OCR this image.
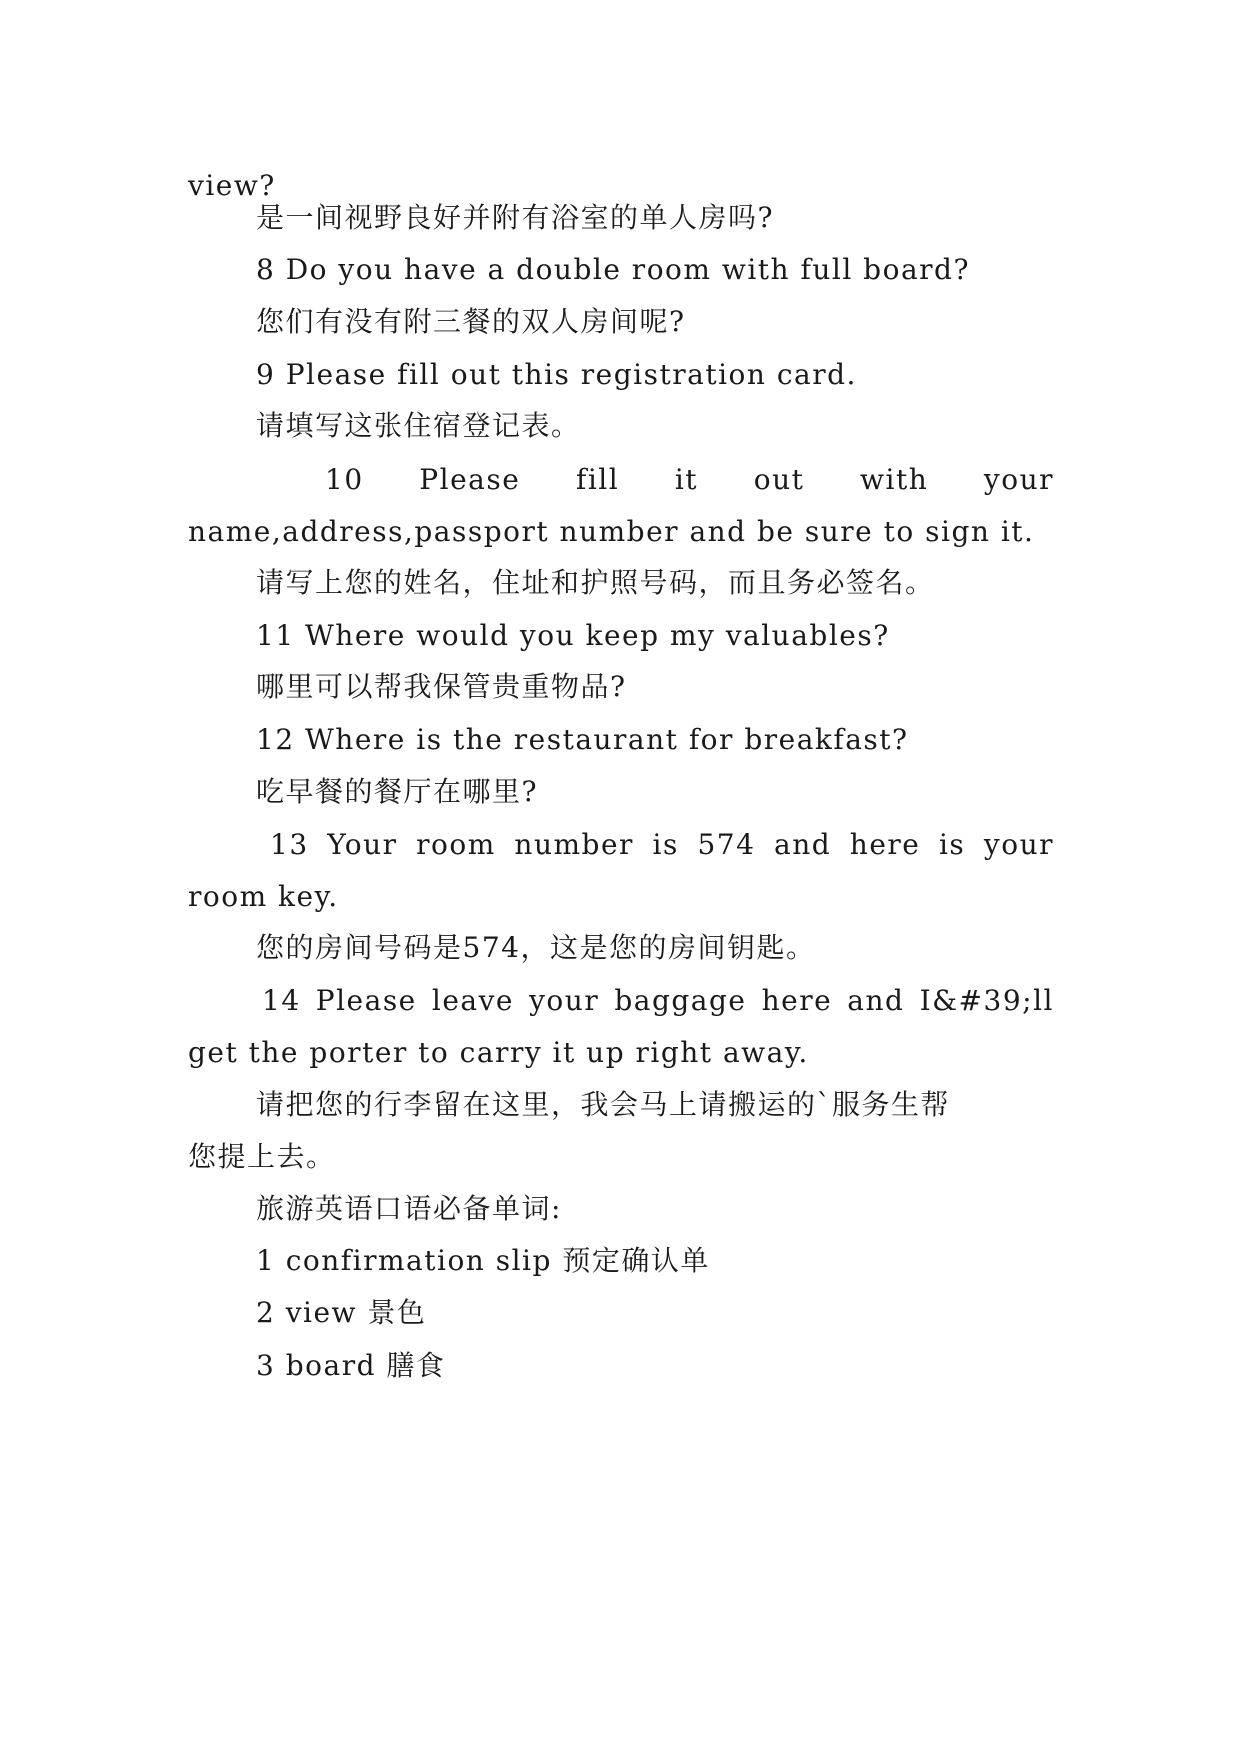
view?
是一间视野良好并附有浴室的单人房吗?
8 Do you have a double room with full board?
您们有没有附三餐的双人房间呢?
9 Please fill out this registration card.
请填写这张住宿登记表。
10 Please fill it out with your
name,address,passport number and be sure to sign it.
请写上您的姓名，住址和护照号码，而且务必签名。
11 Where would you keep my valuables?
哪里可以帮我保管贵重物品?
12 Where is the restaurant for breakfast?
吃早餐的餐厅在哪里?
13 Your room number is 574 and here is your
room key.
您的房间号码是574，这是您的房间钥匙。
14 Please leave your baggage here and I&#39;ll
get the porter to carry it up right away.
请把您的行李留在这里，我会马上请搬运的`服务生帮
您提上去。
旅游英语口语必备单词:
1 confirmation slip 预定确认单
2 view 景色
3 board 膳食
